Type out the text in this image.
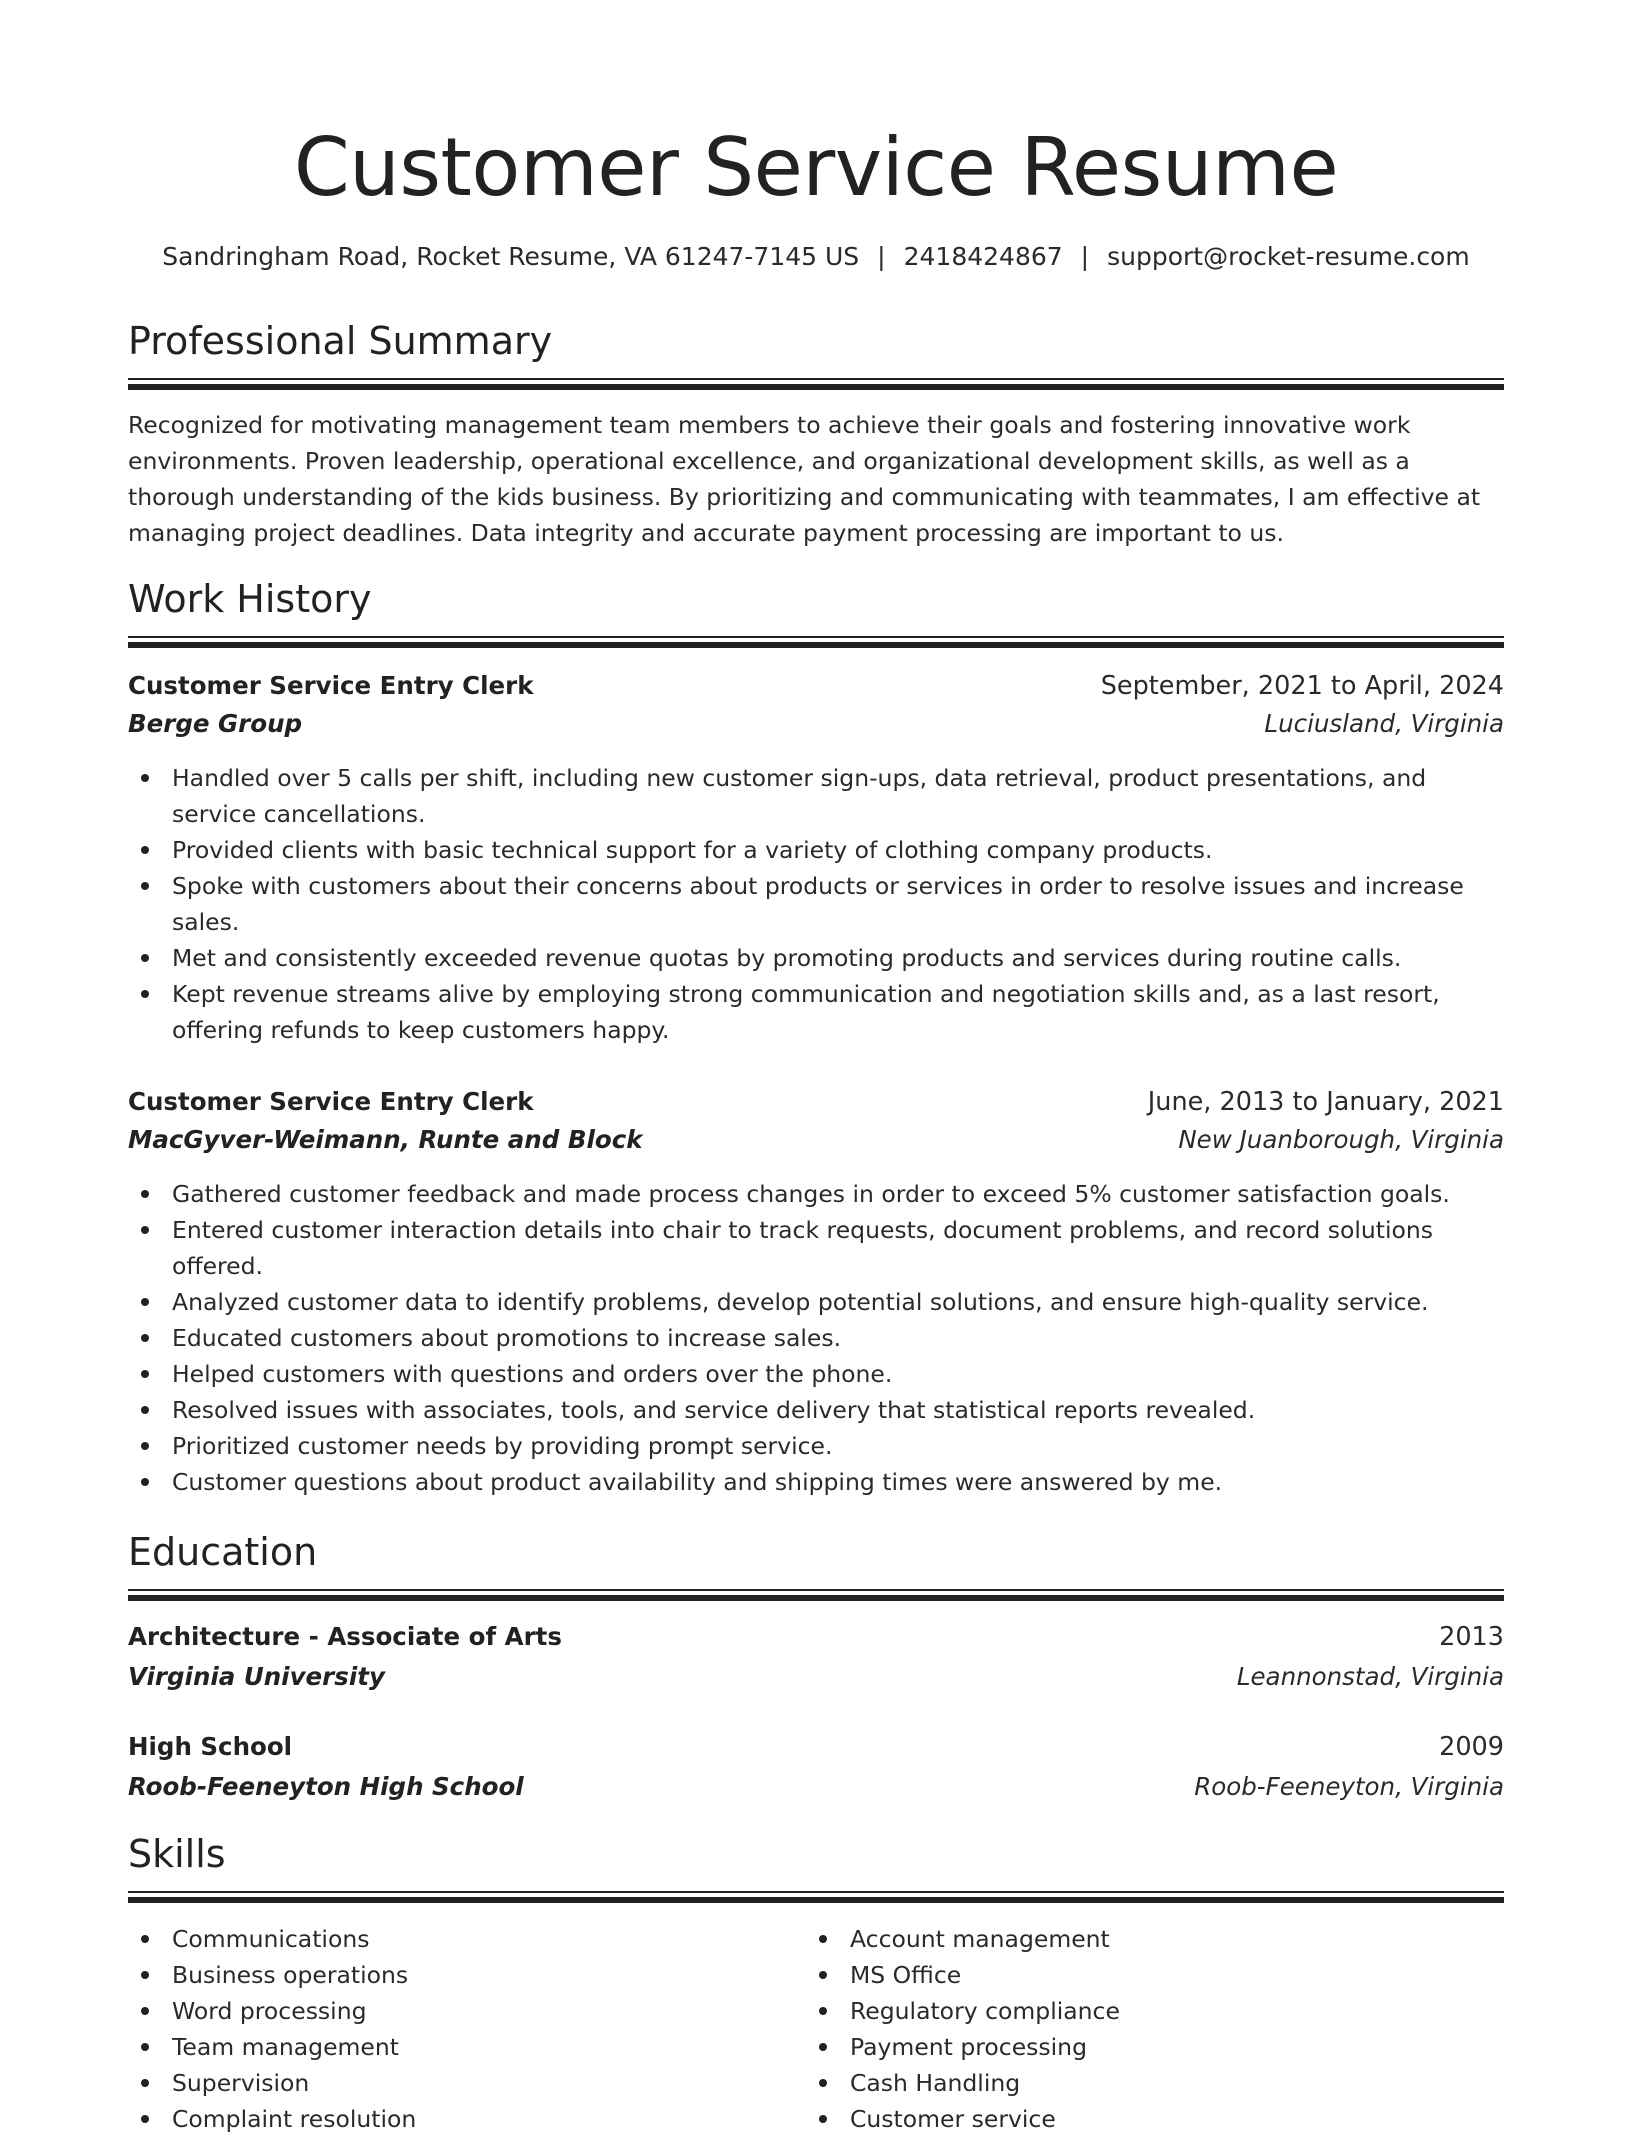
Customer Service Resume
Sandringham Road, Rocket Resume, VA 61247-7145 US | 2418424867 | support@rocket-resume.com
Professional Summary

Recognized for motivating management team members to achieve their goals and fostering innovative work environments. Proven leadership, operational excellence, and organizational development skills, as well as a thorough understanding of the kids business. By prioritizing and communicating with teammates, I am effective at managing project deadlines. Data integrity and accurate payment processing are important to us.

Work History
Customer Service Entry Clerk	September, 2021 to April, 2024
Berge Group	Luciusland, Virginia
Handled over 5 calls per shift, including new customer sign-ups, data retrieval, product presentations, and service cancellations.
Provided clients with basic technical support for a variety of clothing company products.
Spoke with customers about their concerns about products or services in order to resolve issues and increase sales.
Met and consistently exceeded revenue quotas by promoting products and services during routine calls.
Kept revenue streams alive by employing strong communication and negotiation skills and, as a last resort, offering refunds to keep customers happy.
Customer Service Entry Clerk	June, 2013 to January, 2021
MacGyver-Weimann, Runte and Block	New Juanborough, Virginia
Gathered customer feedback and made process changes in order to exceed 5% customer satisfaction goals.
Entered customer interaction details into chair to track requests, document problems, and record solutions offered.
Analyzed customer data to identify problems, develop potential solutions, and ensure high-quality service.
Educated customers about promotions to increase sales.
Helped customers with questions and orders over the phone.
Resolved issues with associates, tools, and service delivery that statistical reports revealed.
Prioritized customer needs by providing prompt service.
Customer questions about product availability and shipping times were answered by me.
Education
Architecture - Associate of Arts	2013
Virginia University	Leannonstad, Virginia
High School	2009
Roob-Feeneyton High School	Roob-Feeneyton, Virginia
Skills
Communications
Business operations
Word processing
Team management
Supervision
Complaint resolution
Account management
MS Office
Regulatory compliance
Payment processing
Cash Handling
Customer service
